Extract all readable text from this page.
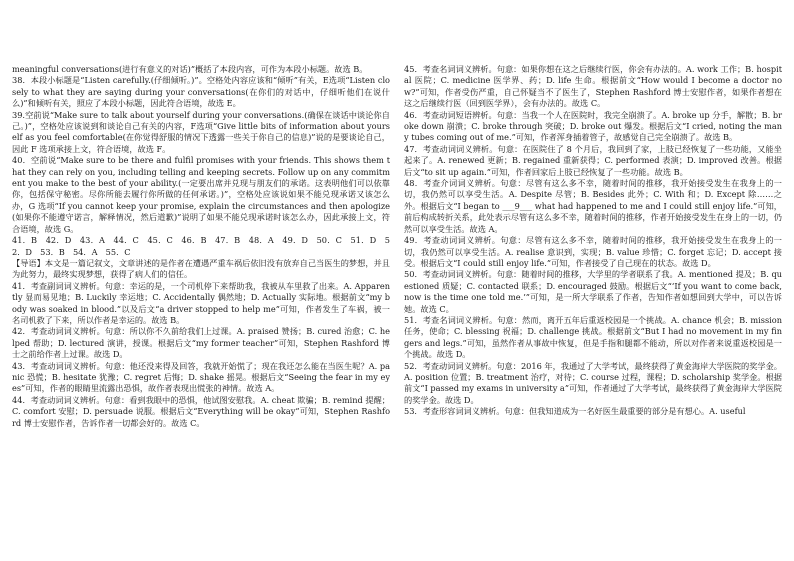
meaningful conversations(进行有意义的对话)”概括了本段内容，可作为本段小标题。故选 B。

38．本段小标题是“Listen carefully.(仔细倾听。)”。空格处内容应该和“倾听”有关，E选项“Listen closely to what they are saying during your conversations(在你们的对话中，仔细听他们在说什么)”和倾听有关，照应了本段小标题，因此符合语境，故选 E。

39.空前说“Make sure to talk about yourself during your conversations.(确保在谈话中谈论你自己。)”，空格处应该说到和谈论自己有关的内容，F选项“Give little bits of information about yourself as you feel comfortable(在你觉得舒服的情况下透露一些关于你自己的信息)”说的是要谈论自己，因此 F 选项承接上文，符合语境，故选 F。

40．空前说“Make sure to be there and fulfil promises with your friends. This shows them that they can rely on you, including telling and keeping secrets. Follow up on any commitment you make to the best of your ability.(一定要出席并兑现与朋友们的承诺。这表明他们可以依靠你，包括保守秘密。尽你所能去履行你所做的任何承诺。)”，空格处应该说如果不能兑现承诺又该怎么办，G 选项“If you cannot keep your promise, explain the circumstances and then apologize(如果你不能遵守诺言，解释情况，然后道歉)”说明了如果不能兑现承诺时该怎么办，因此承接上文，符合语境，故选 G。

41．B　42．D　43．A　44．C　45．C　46．B　47．B　48．A　49．D　50．C　51．D　52．D　53．B　54．A　55．C

【导语】本文是一篇记叙文，文章讲述的是作者在遭遇严重车祸后依旧没有放弃自己当医生的梦想，并且为此努力，最终实现梦想，获得了病人们的信任。

41．考查副词词义辨析。句意：幸运的是，一个司机停下来帮助我，我被从车里救了出来。A. Apparently 显而易见地；B. Luckily 幸运地；C. Accidentally 偶然地；D. Actually 实际地。根据前文“my body was soaked in blood.”以及后文“a driver stopped to help me”可知，作者发生了车祸，被一名司机救了下来，所以作者是幸运的。故选 B。

42．考查动词词义辨析。句意：所以你不久前给我们上过课。A. praised 赞扬；B. cured 治愈；C. helped 帮助；D. lectured 演讲，授课。根据后文“my former teacher”可知，Stephen Rashford 博士之前给作者上过课。故选 D。

43．考查动词词义辨析。句意：他还没来得及回答，我就开始慌了；现在我还怎么能在当医生呢？A. panic 恐慌；B. hesitate 犹豫；C. regret 后悔；D. shake 摇晃。根据后文“Seeing the fear in my eyes”可知，作者的眼睛里流露出恐惧，故作者表现出慌张的神情。故选 A。

44．考查动词词义辨析。句意：看到我眼中的恐惧，他试图安慰我。A. cheat 欺骗；B. remind 提醒；C. comfort 安慰；D. persuade 说服。根据后文“Everything will be okay”可知，Stephen Rashford 博士安慰作者，告诉作者一切都会好的。故选 C。

45．考查名词词义辨析。句意：如果你想在这之后继续行医，你会有办法的。A. work 工作；B. hospital 医院；C. medicine 医学界、药；D. life 生命。根据前文“How would I become a doctor now?”可知，作者受伤严重，自己怀疑当不了医生了，Stephen Rashford 博士安慰作者，如果作者想在这之后继续行医（回到医学界），会有办法的。故选 C。

46．考查动词短语辨析。句意：当我一个人在医院时，我完全崩溃了。A. broke up 分手，解散；B. broke down 崩溃；C. broke through 突破；D. broke out 爆发。根据后文“I cried, noting the many tubes coming out of me.”可知，作者浑身插着管子，故感觉自己完全崩溃了。故选 B。

47．考查动词词义辨析。句意：在医院住了 8 个月后，我回到了家，上肢已经恢复了一些功能，又能坐起来了。A. renewed 更新；B. regained 重新获得；C. performed 表演；D. improved 改善。根据后文“to sit up again.”可知，作者回家后上肢已经恢复了一些功能。故选 B。

48．考查介词词义辨析。句意：尽管有这么多不幸，随着时间的推移，我开始接受发生在我身上的一切，我仍然可以享受生活。A. Despite 尽管；B. Besides 此外；C. With 和；D. Except 除……之外。根据后文“I began to ___9___ what had happened to me and I could still enjoy life.”可知，前后构成转折关系，此处表示尽管有这么多不幸，随着时间的推移，作者开始接受发生在身上的一切，仍然可以享受生活。故选 A。

49．考查动词词义辨析。句意：尽管有这么多不幸，随着时间的推移，我开始接受发生在我身上的一切，我仍然可以享受生活。A. realise 意识到，实现；B. value 珍惜；C. forget 忘记；D. accept 接受。根据后文“I could still enjoy life.”可知，作者接受了自己现在的状态。故选 D。

50．考查动词词义辨析。句意：随着时间的推移，大学里的学者联系了我。A. mentioned 提及；B. questioned 质疑；C. contacted 联系；D. encouraged 鼓励。根据后文“‘If you want to come back, now is the time one told me.’”可知，是一所大学联系了作者，告知作者如想回到大学中，可以告诉她。故选 C。

51．考查名词词义辨析。句意：然而，离开五年后重返校园是一个挑战。A. chance 机会；B. mission 任务，使命；C. blessing 祝福；D. challenge 挑战。根据前文“But I had no movement in my fingers and legs.”可知，虽然作者从事故中恢复，但是手指和腿都不能动，所以对作者来说重返校园是一个挑战。故选 D。

52．考查动词词义辨析。句意：2016 年，我通过了大学考试，最终获得了黄金海岸大学医院的奖学金。A. position 位置；B. treatment 治疗，对待；C. course 过程，课程；D. scholarship 奖学金。根据前文“I passed my exams in university a”可知，作者通过了大学考试，最终获得了黄金海岸大学医院的奖学金。故选 D。

53．考查形容词词义辨析。句意：但我知道成为一名好医生最重要的部分是有想心。A. useful
